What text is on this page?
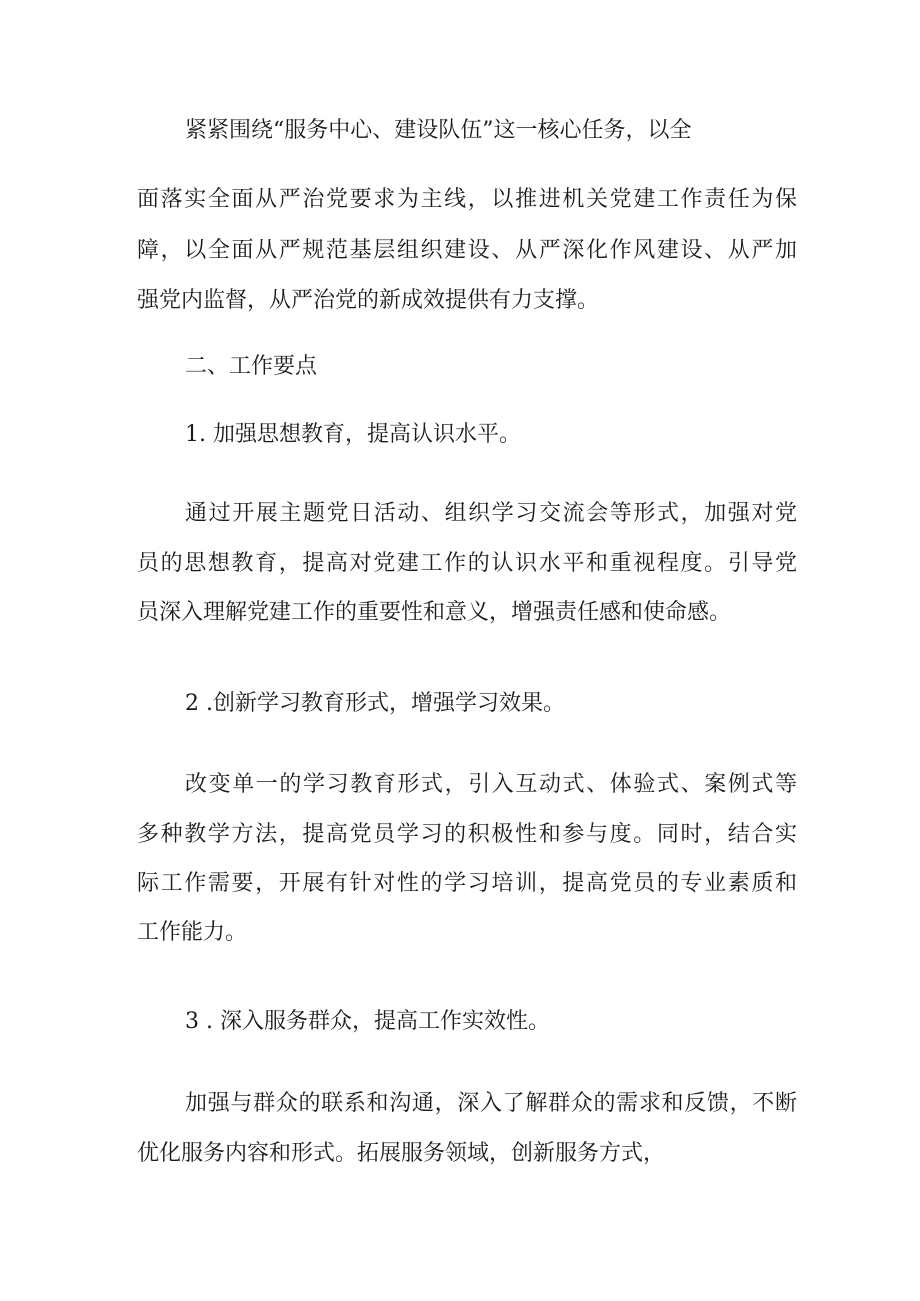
紧紧围绕“服务中心、建设队伍”这一核心任务，以全
面落实全面从严治党要求为主线，以推进机关党建工作责任为保
障，以全面从严规范基层组织建设、从严深化作风建设、从严加
强党内监督，从严治党的新成效提供有力支撑。
二、工作要点
1. 加强思想教育，提高认识水平。
通过开展主题党日活动、组织学习交流会等形式，加强对党
员的思想教育，提高对党建工作的认识水平和重视程度。引导党
员深入理解党建工作的重要性和意义，增强责任感和使命感。
2 .创新学习教育形式，增强学习效果。
改变单一的学习教育形式，引入互动式、体验式、案例式等
多种教学方法，提高党员学习的积极性和参与度。同时，结合实
际工作需要，开展有针对性的学习培训，提高党员的专业素质和
工作能力。
3 . 深入服务群众，提高工作实效性。
加强与群众的联系和沟通，深入了解群众的需求和反馈，不断
优化服务内容和形式。拓展服务领域，创新服务方式，
